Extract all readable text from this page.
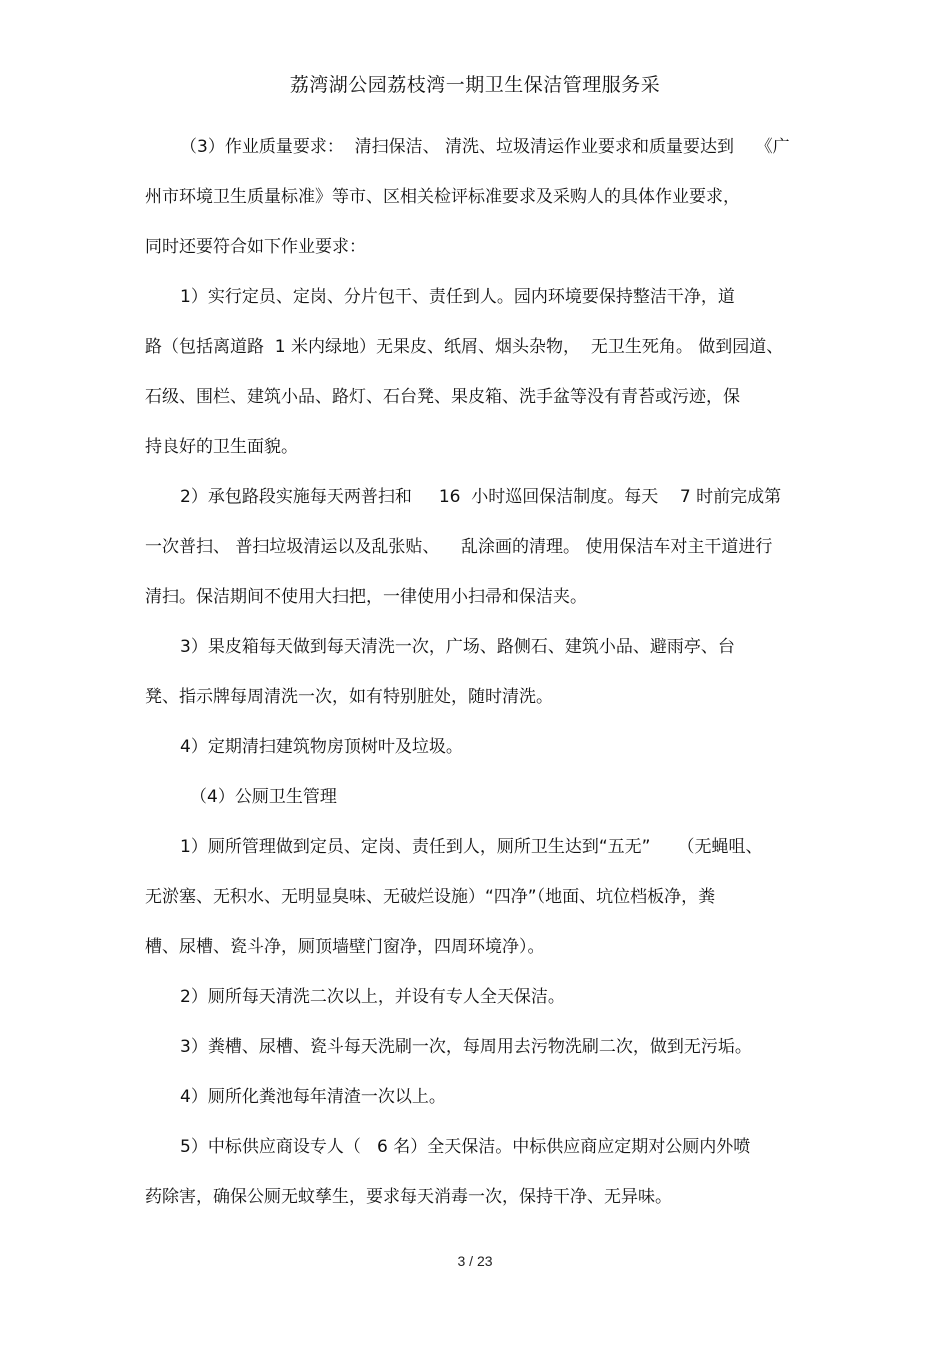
荔湾湖公园荔枝湾一期卫生保洁管理服务采
（3）作业质量要求：  清扫保洁、 清洗、垃圾清运作业要求和质量要达到    《广
州市环境卫生质量标准》等市、区相关检评标准要求及采购人的具体作业要求，
同时还要符合如下作业要求：
1）实行定员、定岗、分片包干、责任到人。园内环境要保持整洁干净，道
路（包括离道路  1 米内绿地）无果皮、纸屑、烟头杂物，  无卫生死角。 做到园道、
石级、围栏、建筑小品、路灯、石台凳、果皮箱、洗手盆等没有青苔或污迹，保
持良好的卫生面貌。
2）承包路段实施每天两普扫和     16  小时巡回保洁制度。每天    7 时前完成第
一次普扫、 普扫垃圾清运以及乱张贴、    乱涂画的清理。 使用保洁车对主干道进行
清扫。保洁期间不使用大扫把，一律使用小扫帚和保洁夹。
3）果皮箱每天做到每天清洗一次，广场、路侧石、建筑小品、避雨亭、台
凳、指示牌每周清洗一次，如有特别脏处，随时清洗。
4）定期清扫建筑物房顶树叶及垃圾。
（4）公厕卫生管理
1）厕所管理做到定员、定岗、责任到人，厕所卫生达到“五无”     （无蝇咀、
无淤塞、无积水、无明显臭味、无破烂设施）“四净”（地面、坑位档板净，粪
槽、尿槽、瓷斗净，厕顶墙壁门窗净，四周环境净）。
2）厕所每天清洗二次以上，并设有专人全天保洁。
3）粪槽、尿槽、瓷斗每天洗刷一次，每周用去污物洗刷二次，做到无污垢。
4）厕所化粪池每年清渣一次以上。
5）中标供应商设专人（   6 名）全天保洁。中标供应商应定期对公厕内外喷
药除害，确保公厕无蚊孳生，要求每天消毒一次，保持干净、无异味。
3 / 23
